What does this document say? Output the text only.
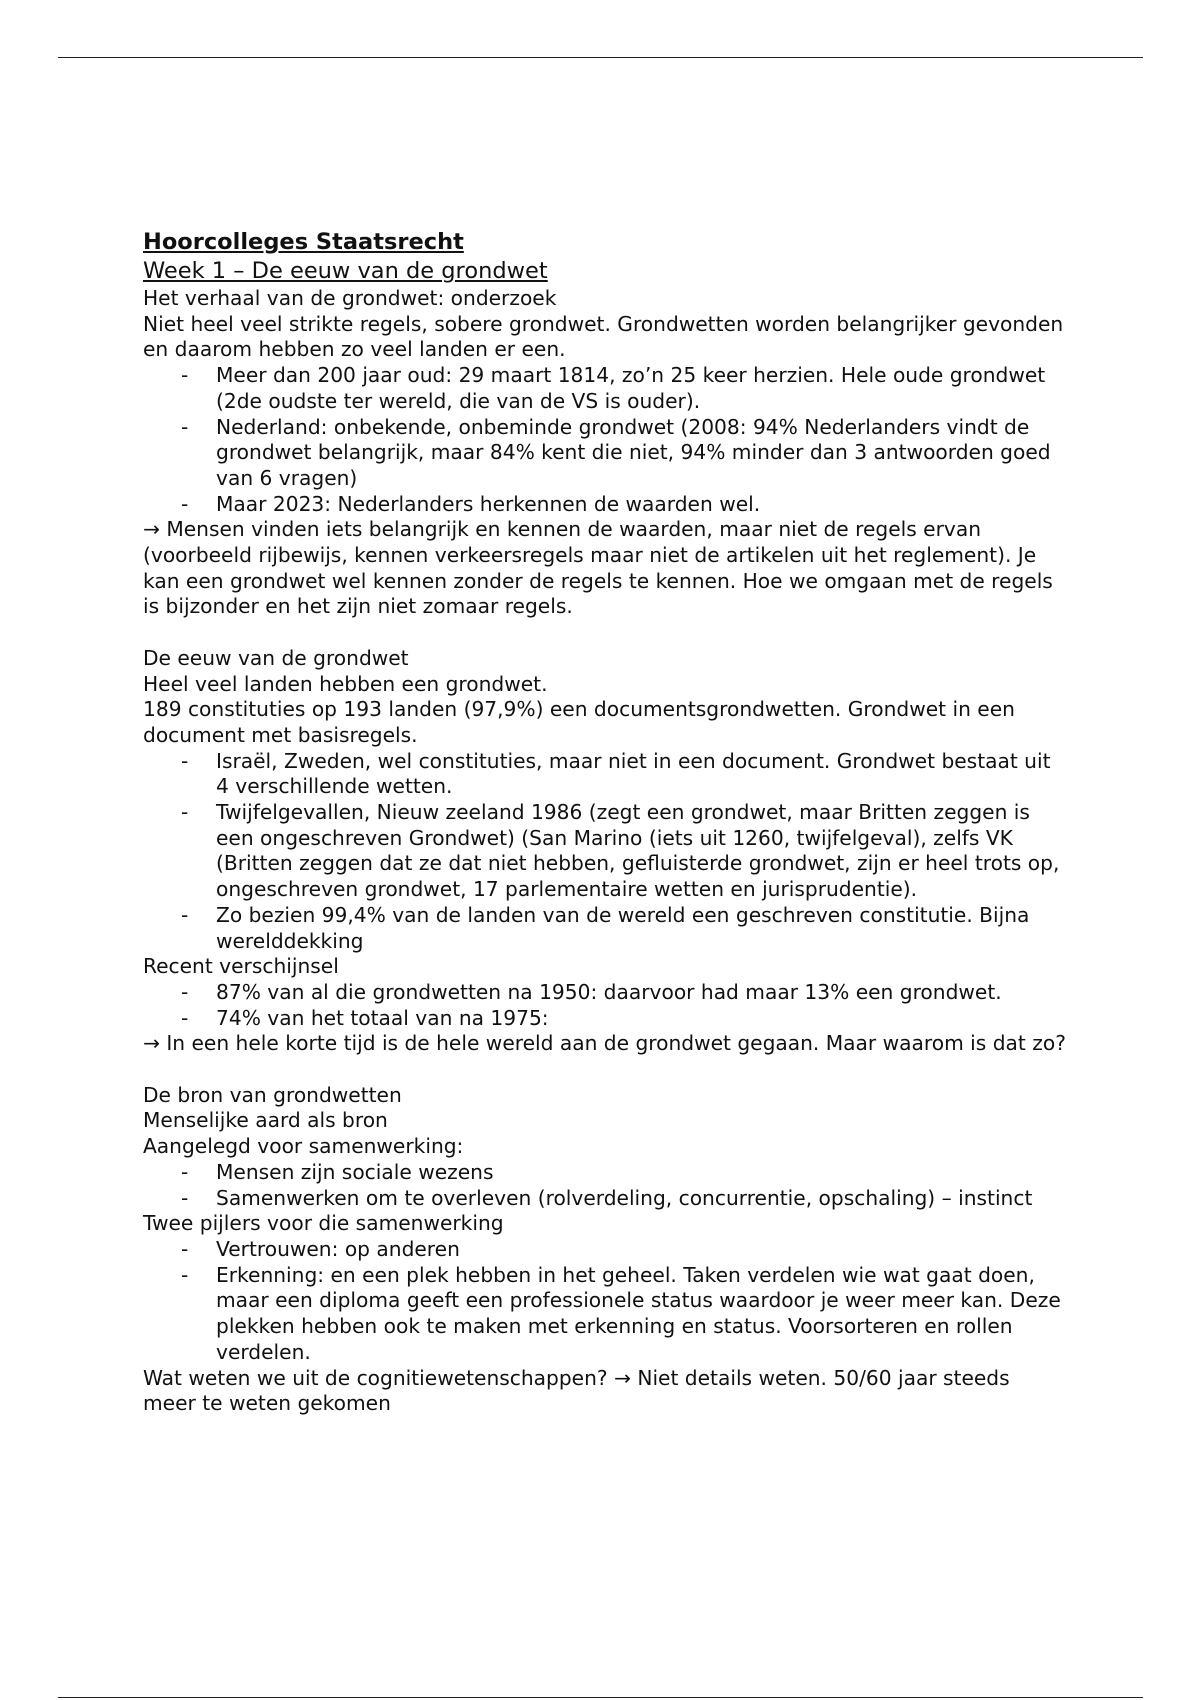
Hoorcolleges Staatsrecht
Week 1 – De eeuw van de grondwet

Het verhaal van de grondwet: onderzoek

Niet heel veel strikte regels, sobere grondwet. Grondwetten worden belangrijker gevonden en daarom hebben zo veel landen er een.

- Meer dan 200 jaar oud: 29 maart 1814, zo’n 25 keer herzien. Hele oude grondwet (2de oudste ter wereld, die van de VS is ouder).
- Nederland: onbekende, onbeminde grondwet (2008: 94% Nederlanders vindt de grondwet belangrijk, maar 84% kent die niet, 94% minder dan 3 antwoorden goed van 6 vragen)
- Maar 2023: Nederlanders herkennen de waarden wel.

→ Mensen vinden iets belangrijk en kennen de waarden, maar niet de regels ervan (voorbeeld rijbewijs, kennen verkeersregels maar niet de artikelen uit het reglement). Je kan een grondwet wel kennen zonder de regels te kennen. Hoe we omgaan met de regels is bijzonder en het zijn niet zomaar regels.

De eeuw van de grondwet

Heel veel landen hebben een grondwet.

189 constituties op 193 landen (97,9%) een documentsgrondwetten. Grondwet in een document met basisregels.

- Israël, Zweden, wel constituties, maar niet in een document. Grondwet bestaat uit 4 verschillende wetten.
- Twijfelgevallen, Nieuw zeeland 1986 (zegt een grondwet, maar Britten zeggen is een ongeschreven Grondwet) (San Marino (iets uit 1260, twijfelgeval), zelfs VK (Britten zeggen dat ze dat niet hebben, gefluisterde grondwet, zijn er heel trots op, ongeschreven grondwet, 17 parlementaire wetten en jurisprudentie).
- Zo bezien 99,4% van de landen van de wereld een geschreven constitutie. Bijna werelddekking

Recent verschijnsel

- 87% van al die grondwetten na 1950: daarvoor had maar 13% een grondwet.
- 74% van het totaal van na 1975:

→ In een hele korte tijd is de hele wereld aan de grondwet gegaan. Maar waarom is dat zo?

De bron van grondwetten

Menselijke aard als bron

Aangelegd voor samenwerking:

- Mensen zijn sociale wezens
- Samenwerken om te overleven (rolverdeling, concurrentie, opschaling) – instinct

Twee pijlers voor die samenwerking

- Vertrouwen: op anderen
- Erkenning: en een plek hebben in het geheel. Taken verdelen wie wat gaat doen, maar een diploma geeft een professionele status waardoor je weer meer kan. Deze plekken hebben ook te maken met erkenning en status. Voorsorteren en rollen verdelen.

Wat weten we uit de cognitiewetenschappen? → Niet details weten. 50/60 jaar steeds meer te weten gekomen
